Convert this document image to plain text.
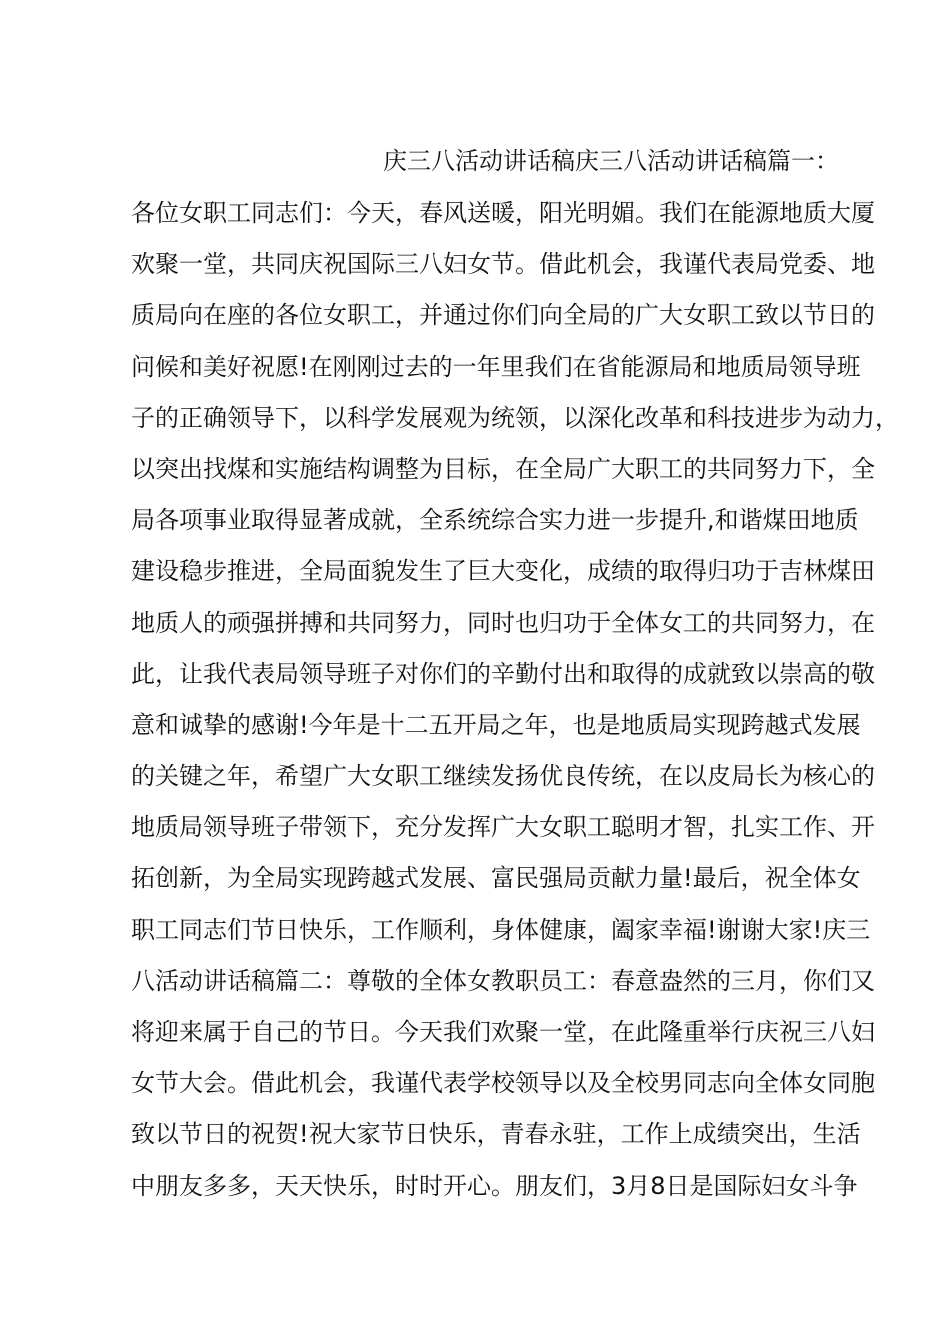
庆三八活动讲话稿庆三八活动讲话稿篇一：
各位女职工同志们：今天，春风送暖，阳光明媚。我们在能源地质大厦
欢聚一堂，共同庆祝国际三八妇女节。借此机会，我谨代表局党委、地
质局向在座的各位女职工，并通过你们向全局的广大女职工致以节日的
问候和美好祝愿!在刚刚过去的一年里我们在省能源局和地质局领导班
子的正确领导下，以科学发展观为统领，以深化改革和科技进步为动力，
以突出找煤和实施结构调整为目标，在全局广大职工的共同努力下，全
局各项事业取得显著成就，全系统综合实力进一步提升,和谐煤田地质
建设稳步推进，全局面貌发生了巨大变化，成绩的取得归功于吉林煤田
地质人的顽强拼搏和共同努力，同时也归功于全体女工的共同努力，在
此，让我代表局领导班子对你们的辛勤付出和取得的成就致以崇高的敬
意和诚挚的感谢!今年是十二五开局之年，也是地质局实现跨越式发展
的关键之年，希望广大女职工继续发扬优良传统，在以皮局长为核心的
地质局领导班子带领下，充分发挥广大女职工聪明才智，扎实工作、开
拓创新，为全局实现跨越式发展、富民强局贡献力量!最后，祝全体女
职工同志们节日快乐，工作顺利，身体健康，阖家幸福!谢谢大家!庆三
八活动讲话稿篇二：尊敬的全体女教职员工：春意盎然的三月，你们又
将迎来属于自己的节日。今天我们欢聚一堂，在此隆重举行庆祝三八妇
女节大会。借此机会，我谨代表学校领导以及全校男同志向全体女同胞
致以节日的祝贺!祝大家节日快乐，青春永驻，工作上成绩突出，生活
中朋友多多，天天快乐，时时开心。朋友们，3月8日是国际妇女斗争
